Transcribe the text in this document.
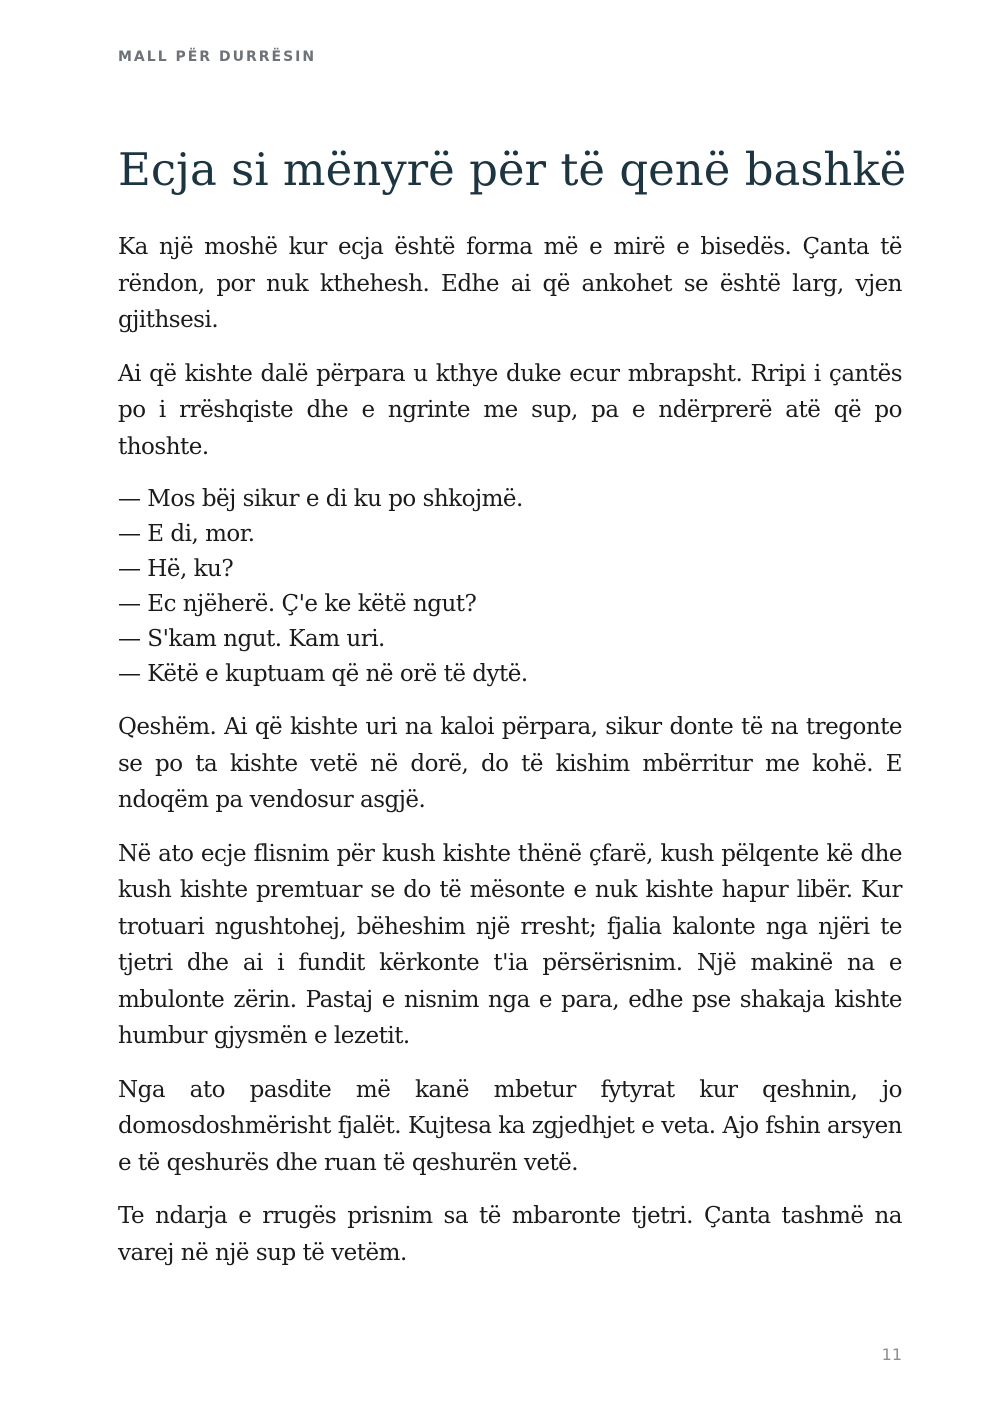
MALL PËR DURRËSIN
Ecja si mënyrë për të qenë bashkë

Ka një moshë kur ecja është forma më e mirë e bisedës. Çanta të rëndon, por nuk kthehesh. Edhe ai që ankohet se është larg, vjen gjithsesi.

Ai që kishte dalë përpara u kthye duke ecur mbrapsht. Rripi i çantës po i rrëshqiste dhe e ngrinte me sup, pa e ndërprerë atë që po thoshte.

— Mos bëj sikur e di ku po shkojmë.
— E di, mor.
— Hë, ku?
— Ec njëherë. Ç'e ke këtë ngut?
— S'kam ngut. Kam uri.
— Këtë e kuptuam që në orë të dytë.

Qeshëm. Ai që kishte uri na kaloi përpara, sikur donte të na tregonte se po ta kishte vetë në dorë, do të kishim mbërritur me kohë. E ndoqëm pa vendosur asgjë.

Në ato ecje flisnim për kush kishte thënë çfarë, kush pëlqente kë dhe kush kishte premtuar se do të mësonte e nuk kishte hapur libër. Kur trotuari ngushtohej, bëheshim një rresht; fjalia kalonte nga njëri te tjetri dhe ai i fundit kërkonte t'ia përsërisnim. Një makinë na e mbulonte zërin. Pastaj e nisnim nga e para, edhe pse shakaja kishte humbur gjysmën e lezetit.

Nga ato pasdite më kanë mbetur fytyrat kur qeshnin, jo domosdoshmërisht fjalët. Kujtesa ka zgjedhjet e veta. Ajo fshin arsyen e të qeshurës dhe ruan të qeshurën vetë.

Te ndarja e rrugës prisnim sa të mbaronte tjetri. Çanta tashmë na varej në një sup të vetëm.

11
